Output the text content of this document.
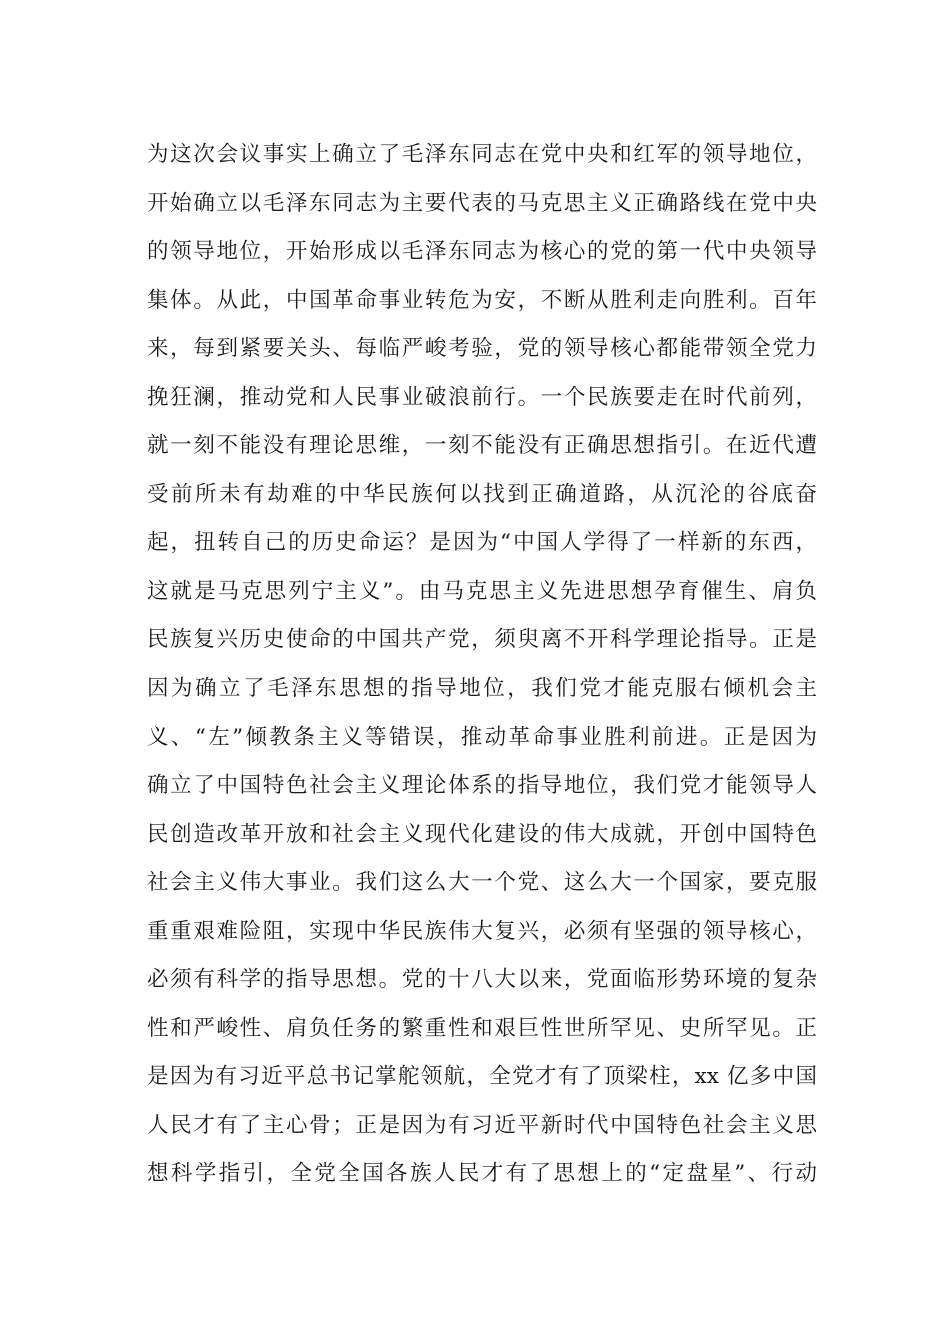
为这次会议事实上确立了毛泽东同志在党中央和红军的领导地位，
开始确立以毛泽东同志为主要代表的马克思主义正确路线在党中央
的领导地位，开始形成以毛泽东同志为核心的党的第一代中央领导
集体。从此，中国革命事业转危为安，不断从胜利走向胜利。百年
来，每到紧要关头、每临严峻考验，党的领导核心都能带领全党力
挽狂澜，推动党和人民事业破浪前行。一个民族要走在时代前列，
就一刻不能没有理论思维，一刻不能没有正确思想指引。在近代遭
受前所未有劫难的中华民族何以找到正确道路，从沉沦的谷底奋
起，扭转自己的历史命运？是因为“中国人学得了一样新的东西，
这就是马克思列宁主义”。由马克思主义先进思想孕育催生、肩负
民族复兴历史使命的中国共产党，须臾离不开科学理论指导。正是
因为确立了毛泽东思想的指导地位，我们党才能克服右倾机会主
义、“左”倾教条主义等错误，推动革命事业胜利前进。正是因为
确立了中国特色社会主义理论体系的指导地位，我们党才能领导人
民创造改革开放和社会主义现代化建设的伟大成就，开创中国特色
社会主义伟大事业。我们这么大一个党、这么大一个国家，要克服
重重艰难险阻，实现中华民族伟大复兴，必须有坚强的领导核心，
必须有科学的指导思想。党的十八大以来，党面临形势环境的复杂
性和严峻性、肩负任务的繁重性和艰巨性世所罕见、史所罕见。正
是因为有习近平总书记掌舵领航，全党才有了顶梁柱，xx 亿多中国
人民才有了主心骨；正是因为有习近平新时代中国特色社会主义思
想科学指引，全党全国各族人民才有了思想上的“定盘星”、行动
